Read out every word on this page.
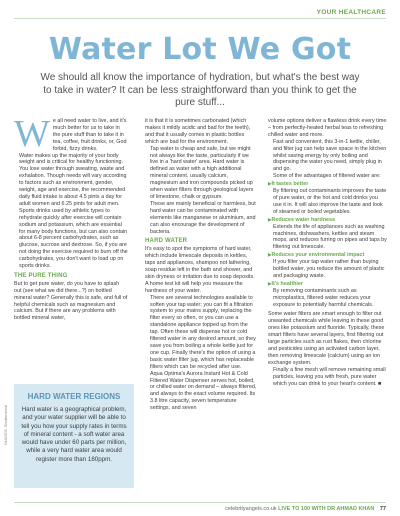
YOUR HEALTHCARE
Water Lot We Got
We should all know the importance of hydration, but what's the best way to take in water? It can be less straightforward than you think to get the pure stuff...
W e all need water to live, and it's much better for us to take in the pure stuff than to take it in tea, coffee, fruit drinks, or, God forbid, fizzy drinks.

Water makes up the majority of your body weight and is critical for healthy functioning. You lose water through sweating, waste and exhalation. Though needs will vary according to factors such as environment, gender, weight, age and exercise, the recommended daily fluid intake is about 4.5 pints a day for adult women and 6.25 pints for adult men.

Sports drinks used by athletic types to rehydrate quickly after exercise will contain sodium and potassium, which are essential for many body functions, but can also contain about 6-8 percent carbohydrates, such as glucose, sucrose and dextrose. So, if you are not doing the exercise required to burn off the carbohydrates, you don't want to load up on sports drinks.

THE PURE THING

But to get pure water, do you have to splash out (see what we did there...?) on bottled mineral water? Generally this is safe, and full of helpful chemicals such as magnesium and calcium. But if there are any problems with bottled mineral water,

it is that it is sometimes carbonated (which makes it mildly acidic and bad for the teeth), and that it usually comes in plastic bottles which are bad for the environment.

Tap water is cheap and safe, but we might not always like the taste, particularly if we live in a 'hard water' area. Hard water is defined as water with a high additional mineral content, usually calcium, magnesium and iron compounds picked up when water filters through geological layers of limestone, chalk or gypsum.

These are mainly beneficial or harmless, but hard water can be contaminated with elements like manganese or aluminium, and can also encourage the development of bacteria.

HARD WATER

It's easy to spot the symptoms of hard water, which include limescale deposits in kettles, taps and appliances, shampoo not lathering, soap residue left in the bath and shower, and skin dryness or irritation due to soap deposits. A home test kit will help you measure the hardness of your water.

There are several technologies available to soften your tap water; you can fit a filtration system to your mains supply, replacing the filter every so often, or you can use a standalone appliance topped up from the tap. Often these will dispense hot or cold filtered water in any desired amount, so they save you from boiling a whole kettle just for one cup. Finally there's the option of using a basic water filter jug, which has replaceable filters which can be recycled after use.

Aqua Optima's Aurora Instant Hot & Cold Filtered Water Dispenser serves hot, boiled, or chilled water on demand – always filtered, and always to the exact volume required. Its 3.8 litre capacity, seven temperature settings, and seven

volume options deliver a flawless drink every time – from perfectly-heated herbal teas to refreshing chilled water and more.

Fast and convenient, this 3-in-1 kettle, chiller, and filter jug can help save space in the kitchen whilst saving energy by only boiling and dispensing the water you need, simply plug in and go.

Some of the advantages of filtered water are:

▶ It tastes better

By filtering out contaminants improves the taste of pure water, or the hot and cold drinks you use it in. It will also improve the taste and look of steamed or boiled vegetables.

▶ Reduces water hardness

Extends the life of appliances such as washing machines, dishwashers, kettles and steam mops, and reduces furring on pipes and taps by filtering out limescale.

▶ Reduces your environmental impact

If you filter your tap water rather than buying bottled water, you reduce the amount of plastic and packaging waste.

▶ It's healthier

By removing contaminants such as microplastics, filtered water reduces your exposure to potentially harmful chemicals.

Some water filters are smart enough to filter out unwanted chemicals while leaving in these good ones like potassium and fluoride. Typically, these smart filters have several layers, first filtering out large particles such as rust flakes, then chlorine and pesticides using an activated carbon layer, then removing limescale (calcium) using an ion exchange system.

Finally a fine mesh will remove remaining small particles, leaving you with fresh, pure water which you can drink to your heart's content. ■

HARD WATER REGIONS
Hard water is a geographical problem, and your water supplier will be able to tell you how your supply rates in terms of mineral content - a soft water area would have under 60 parts per million, while a very hard water area would register more than 180ppm.
IMAGES: Shutterstock
celebrityangels.co.uk LIVE TO 100 WITH DR AHMAD KHAN 77
